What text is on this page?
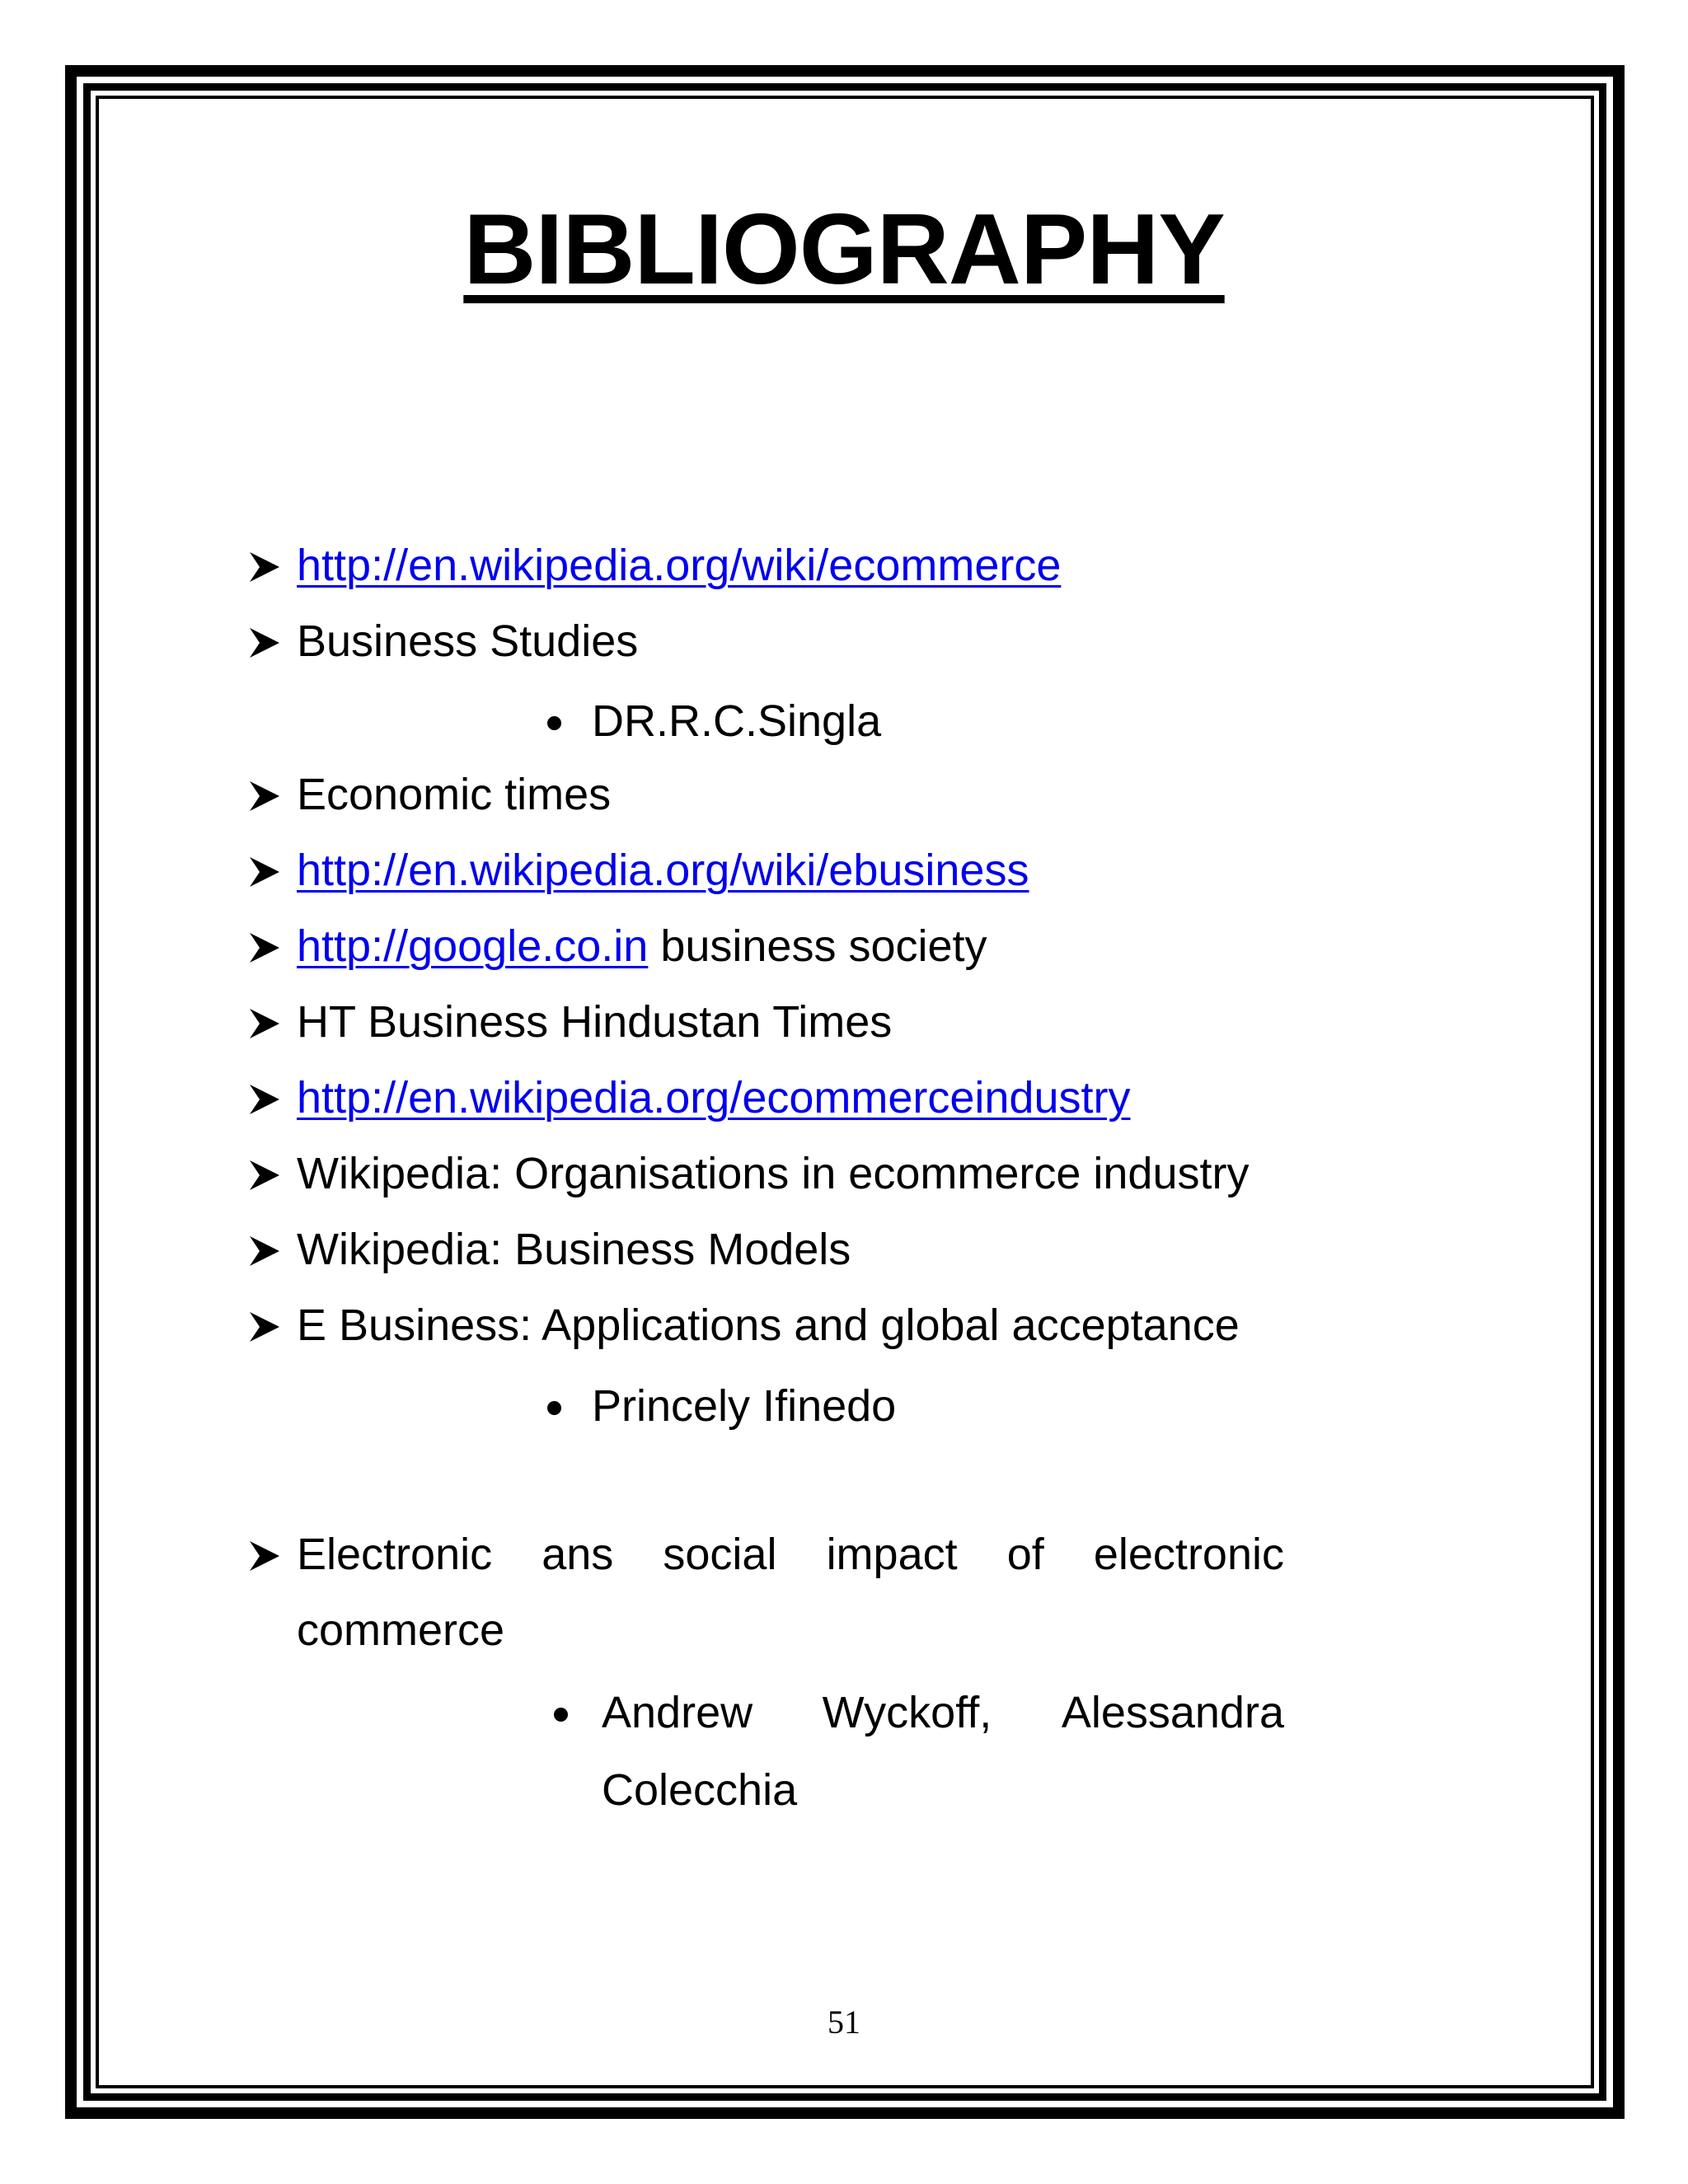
BIBLIOGRAPHY
http://en.wikipedia.org/wiki/ecommerce
Business Studies
DR.R.C.Singla
Economic times
http://en.wikipedia.org/wiki/ebusiness
http://google.co.in business society
HT Business Hindustan Times
http://en.wikipedia.org/ecommerceindustry
Wikipedia: Organisations in ecommerce industry
Wikipedia: Business Models
E Business: Applications and global acceptance
Princely Ifinedo
Electronic ans social impact of electronic
commerce
Andrew Wyckoff, Alessandra
Colecchia
51
